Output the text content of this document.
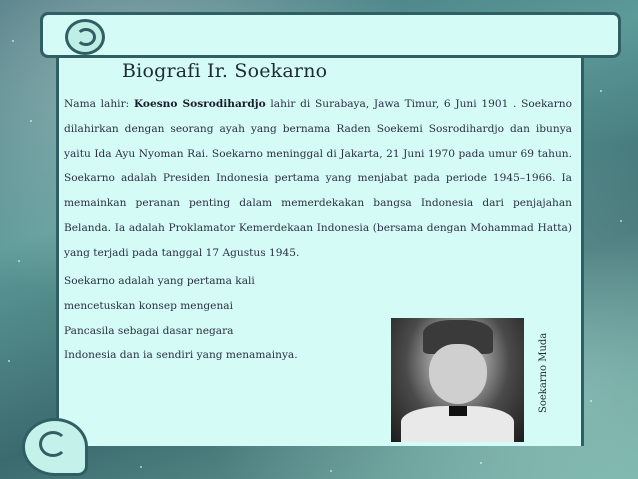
Biografi Ir. Soekarno

Nama lahir: Koesno Sosrodihardjo lahir di Surabaya, Jawa Timur, 6 Juni 1901 . Soekarno dilahirkan dengan seorang ayah yang bernama Raden Soekemi Sosrodihardjo dan ibunya yaitu Ida Ayu Nyoman Rai. Soekarno meninggal di Jakarta, 21 Juni 1970 pada umur 69 tahun. Soekarno adalah Presiden Indonesia pertama yang menjabat pada periode 1945–1966. Ia memainkan peranan penting dalam memerdekakan bangsa Indonesia dari penjajahan Belanda. Ia adalah Proklamator Kemerdekaan Indonesia (bersama dengan Mohammad Hatta) yang terjadi pada tanggal 17 Agustus 1945.

Soekarno adalah yang pertama kali
mencetuskan konsep mengenai
Pancasila sebagai dasar negara
Indonesia dan ia sendiri yang menamainya.	Soekarno Muda
